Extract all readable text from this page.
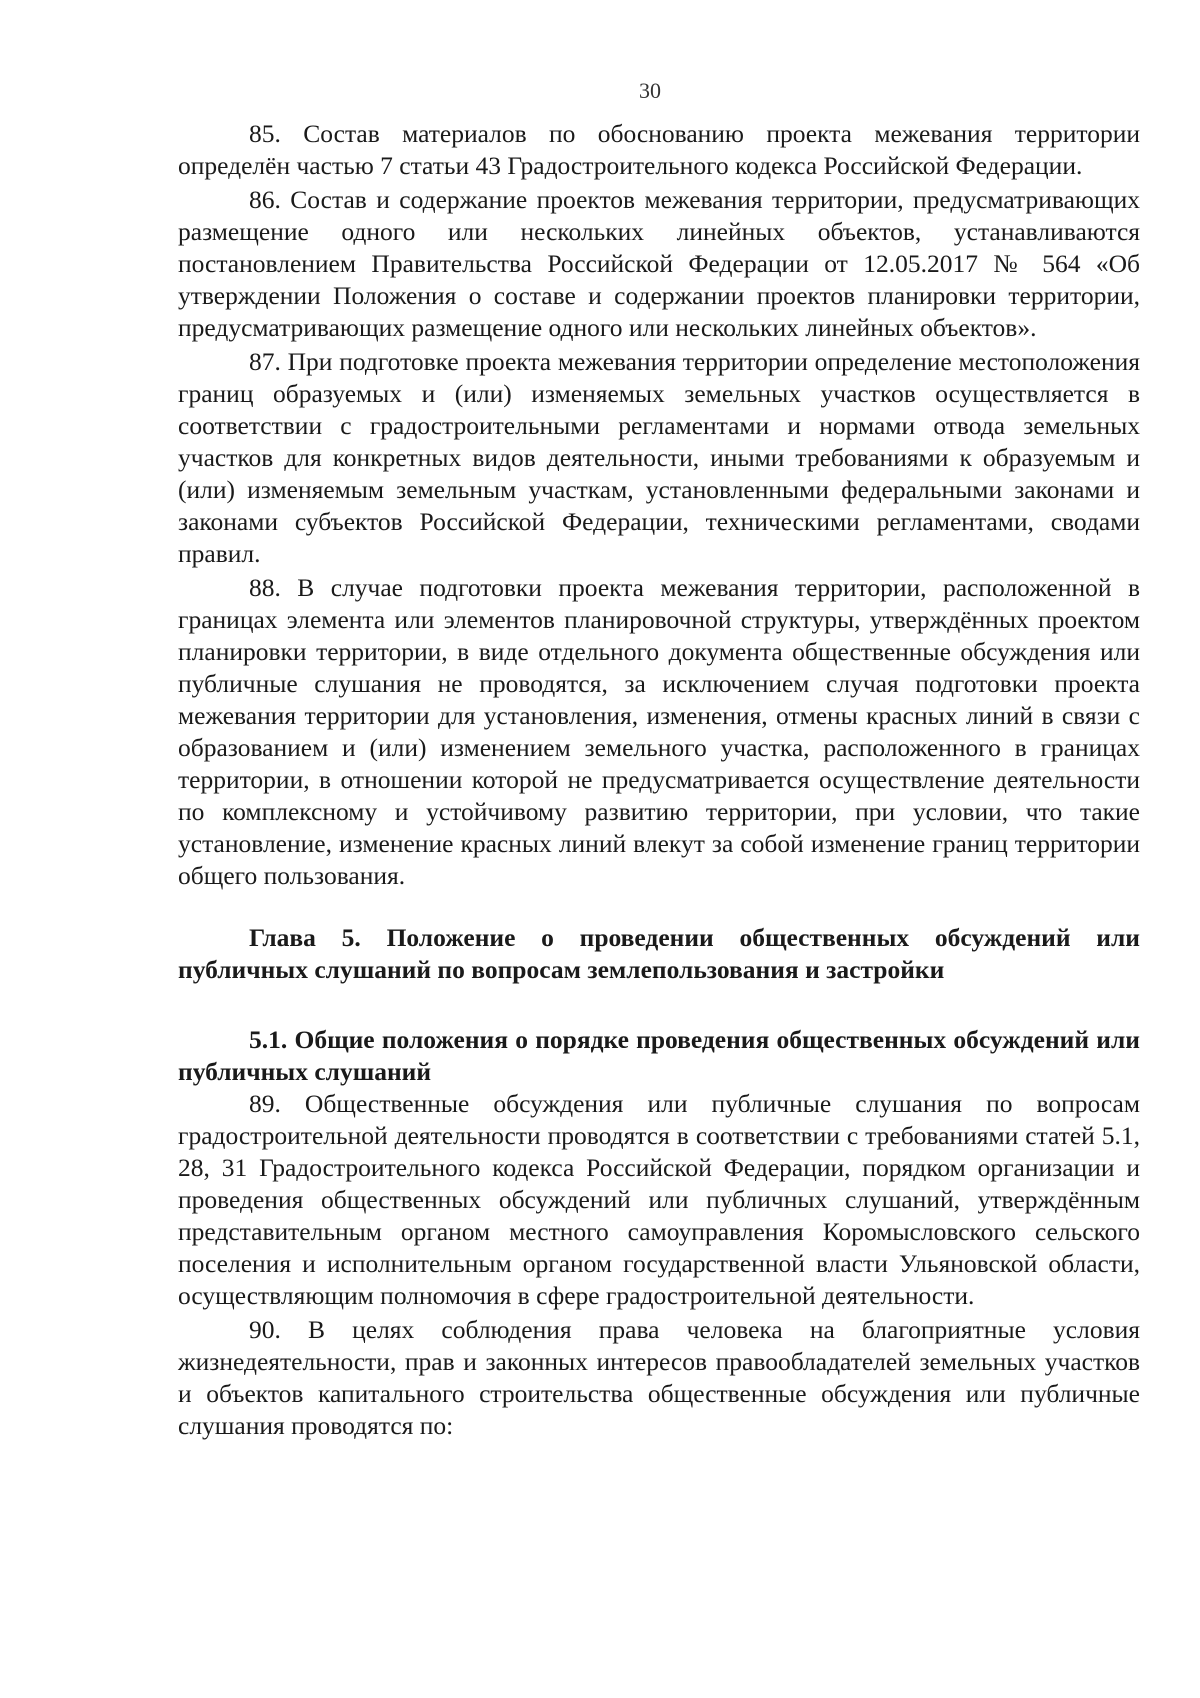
30

85. Состав материалов по обоснованию проекта межевания территории определён частью 7 статьи 43 Градостроительного кодекса Российской Федерации.

86. Состав и содержание проектов межевания территории, предусматривающих размещение одного или нескольких линейных объектов, устанавливаются постановлением Правительства Российской Федерации от 12.05.2017 № 564 «Об утверждении Положения о составе и содержании проектов планировки территории, предусматривающих размещение одного или нескольких линейных объектов».

87. При подготовке проекта межевания территории определение местоположения границ образуемых и (или) изменяемых земельных участков осуществляется в соответствии с градостроительными регламентами и нормами отвода земельных участков для конкретных видов деятельности, иными требованиями к образуемым и (или) изменяемым земельным участкам, установленными федеральными законами и законами субъектов Российской Федерации, техническими регламентами, сводами правил.

88. В случае подготовки проекта межевания территории, расположенной в границах элемента или элементов планировочной структуры, утверждённых проектом планировки территории, в виде отдельного документа общественные обсуждения или публичные слушания не проводятся, за исключением случая подготовки проекта межевания территории для установления, изменения, отмены красных линий в связи с образованием и (или) изменением земельного участка, расположенного в границах территории, в отношении которой не предусматривается осуществление деятельности по комплексному и устойчивому развитию территории, при условии, что такие установление, изменение красных линий влекут за собой изменение границ территории общего пользования.

Глава 5. Положение о проведении общественных обсуждений или публичных слушаний по вопросам землепользования и застройки
5.1. Общие положения о порядке проведения общественных обсуждений или публичных слушаний

89. Общественные обсуждения или публичные слушания по вопросам градостроительной деятельности проводятся в соответствии с требованиями статей 5.1, 28, 31 Градостроительного кодекса Российской Федерации, порядком организации и проведения общественных обсуждений или публичных слушаний, утверждённым представительным органом местного самоуправления Коромысловского сельского поселения и исполнительным органом государственной власти Ульяновской области, осуществляющим полномочия в сфере градостроительной деятельности.

90. В целях соблюдения права человека на благоприятные условия жизнедеятельности, прав и законных интересов правообладателей земельных участков и объектов капитального строительства общественные обсуждения или публичные слушания проводятся по:
